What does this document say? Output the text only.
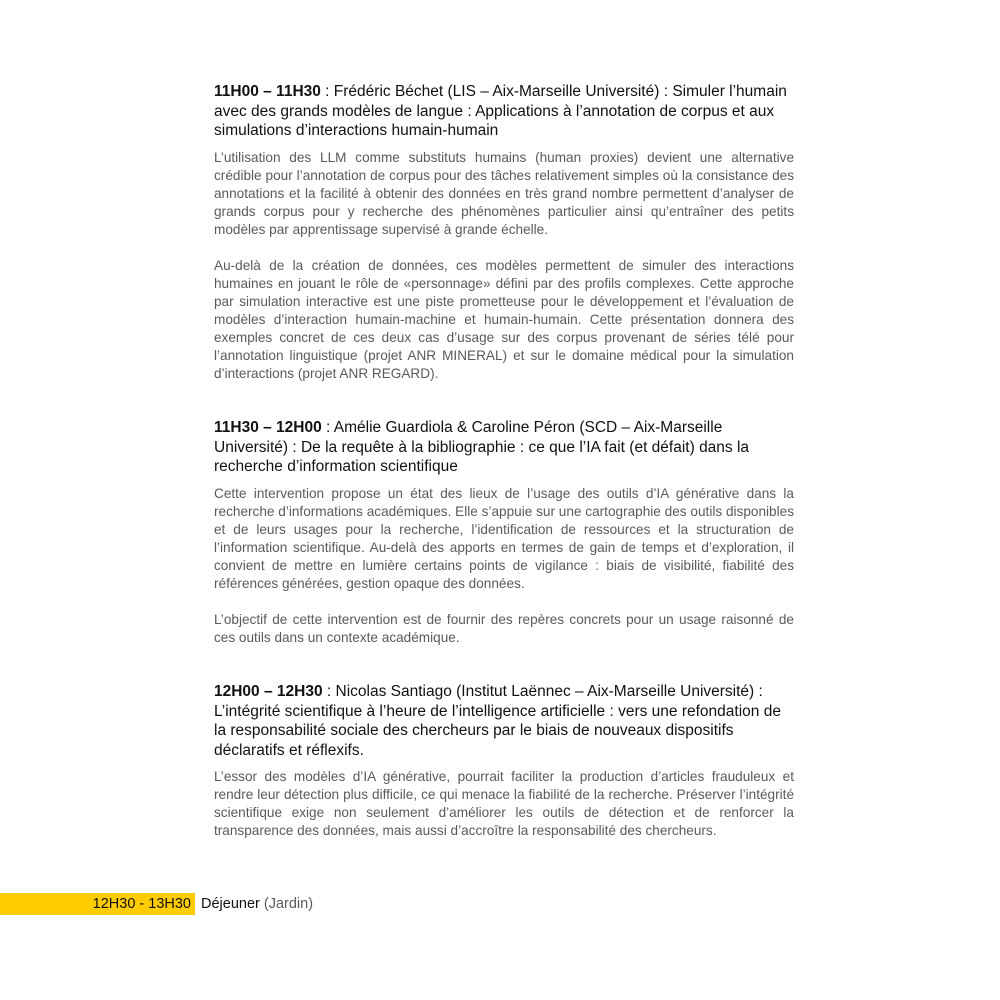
11H00 – 11H30 : Frédéric Béchet (LIS – Aix-Marseille Université) : Simuler l’humain avec des grands modèles de langue : Applications à l’annotation de corpus et aux simulations d’interactions humain-humain

L’utilisation des LLM comme substituts humains (human proxies) devient une alternative crédible pour l’annotation de corpus pour des tâches relativement simples où la consistance des annotations et la facilité à obtenir des données en très grand nombre permettent d’analyser de grands corpus pour y recherche des phénomènes particulier ainsi qu’entraîner des petits modèles par apprentissage supervisé à grande échelle.

Au-delà de la création de données, ces modèles permettent de simuler des interactions humaines en jouant le rôle de «personnage» défini par des profils complexes. Cette approche par simulation interactive est une piste prometteuse pour le développement et l’évaluation de modèles d’interaction humain-machine et humain-humain. Cette présentation donnera des exemples concret de ces deux cas d’usage sur des corpus provenant de séries télé pour l’annotation linguistique (projet ANR MINERAL) et sur le domaine médical pour la simulation d’interactions (projet ANR REGARD).

11H30 – 12H00 : Amélie Guardiola & Caroline Péron (SCD – Aix-Marseille Université) : De la requête à la bibliographie : ce que l’IA fait (et défait) dans la recherche d’information scientifique

Cette intervention propose un état des lieux de l’usage des outils d’IA générative dans la recherche d’informations académiques. Elle s’appuie sur une cartographie des outils disponibles et de leurs usages pour la recherche, l’identification de ressources et la structuration de l’information scientifique. Au-delà des apports en termes de gain de temps et d’exploration, il convient de mettre en lumière certains points de vigilance : biais de visibilité, fiabilité des références générées, gestion opaque des données.

L’objectif de cette intervention est de fournir des repères concrets pour un usage raisonné de ces outils dans un contexte académique.

12H00 – 12H30 : Nicolas Santiago (Institut Laënnec – Aix-Marseille Université) : L’intégrité scientifique à l’heure de l’intelligence artificielle : vers une refondation de la responsabilité sociale des chercheurs par le biais de nouveaux dispositifs déclaratifs et réflexifs.

L’essor des modèles d’IA générative, pourrait faciliter la production d’articles frauduleux et rendre leur détection plus difficile, ce qui menace la fiabilité de la recherche. Préserver l’intégrité scientifique exige non seulement d’améliorer les outils de détection et de renforcer la transparence des données, mais aussi d’accroître la responsabilité des chercheurs.

12H30 - 13H30 Déjeuner (Jardin)
